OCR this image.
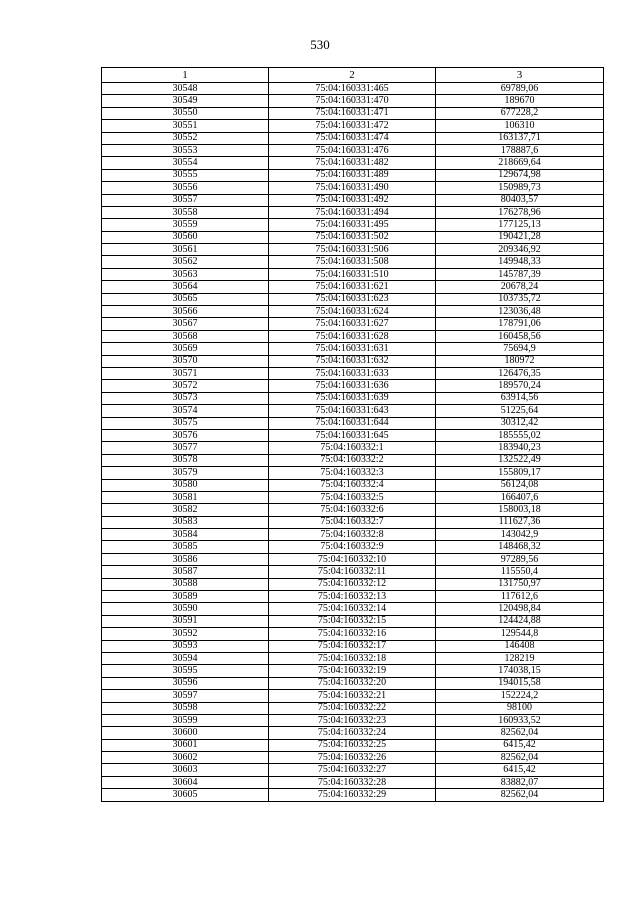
530
1	2	3
30548	75:04:160331:465	69789,06
30549	75:04:160331:470	189670
30550	75:04:160331:471	677228,2
30551	75:04:160331:472	106310
30552	75:04:160331:474	163137,71
30553	75:04:160331:476	178887,6
30554	75:04:160331:482	218669,64
30555	75:04:160331:489	129674,98
30556	75:04:160331:490	150989,73
30557	75:04:160331:492	80403,57
30558	75:04:160331:494	176278,96
30559	75:04:160331:495	177125,13
30560	75:04:160331:502	190421,28
30561	75:04:160331:506	209346,92
30562	75:04:160331:508	149948,33
30563	75:04:160331:510	145787,39
30564	75:04:160331:621	20678,24
30565	75:04:160331:623	103735,72
30566	75:04:160331:624	123036,48
30567	75:04:160331:627	178791,06
30568	75:04:160331:628	160458,56
30569	75:04:160331:631	75694,9
30570	75:04:160331:632	180972
30571	75:04:160331:633	126476,35
30572	75:04:160331:636	189570,24
30573	75:04:160331:639	63914,56
30574	75:04:160331:643	51225,64
30575	75:04:160331:644	30312,42
30576	75:04:160331:645	185555,02
30577	75:04:160332:1	183940,23
30578	75:04:160332:2	132522,49
30579	75:04:160332:3	155809,17
30580	75:04:160332:4	56124,08
30581	75:04:160332:5	166407,6
30582	75:04:160332:6	158003,18
30583	75:04:160332:7	111627,36
30584	75:04:160332:8	143042,9
30585	75:04:160332:9	148468,32
30586	75:04:160332:10	97289,56
30587	75:04:160332:11	115550,4
30588	75:04:160332:12	131750,97
30589	75:04:160332:13	117612,6
30590	75:04:160332:14	120498,84
30591	75:04:160332:15	124424,88
30592	75:04:160332:16	129544,8
30593	75:04:160332:17	146408
30594	75:04:160332:18	128219
30595	75:04:160332:19	174038,15
30596	75:04:160332:20	194015,58
30597	75:04:160332:21	152224,2
30598	75:04:160332:22	98100
30599	75:04:160332:23	160933,52
30600	75:04:160332:24	82562,04
30601	75:04:160332:25	6415,42
30602	75:04:160332:26	82562,04
30603	75:04:160332:27	6415,42
30604	75:04:160332:28	83882,07
30605	75:04:160332:29	82562,04
